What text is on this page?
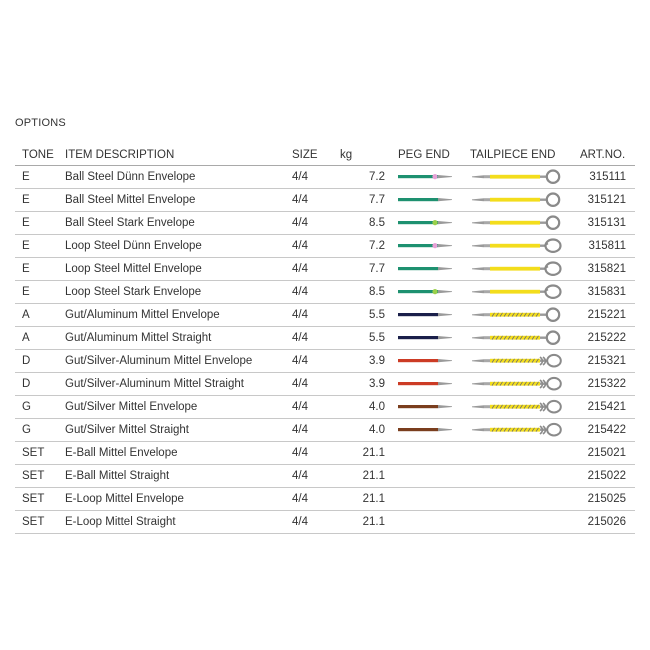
OPTIONS
TONE	ITEM DESCRIPTION	SIZE	kg	PEG END	TAILPIECE END	ART.NO.
E	Ball Steel Dünn Envelope	4/4	7.2			315111
E	Ball Steel Mittel Envelope	4/4	7.7			315121
E	Ball Steel Stark Envelope	4/4	8.5			315131
E	Loop Steel Dünn Envelope	4/4	7.2			315811
E	Loop Steel Mittel Envelope	4/4	7.7			315821
E	Loop Steel Stark Envelope	4/4	8.5			315831
A	Gut/Aluminum Mittel Envelope	4/4	5.5			215221
A	Gut/Aluminum Mittel Straight	4/4	5.5			215222
D	Gut/Silver-Aluminum Mittel Envelope	4/4	3.9			215321
D	Gut/Silver-Aluminum Mittel Straight	4/4	3.9			215322
G	Gut/Silver Mittel Envelope	4/4	4.0			215421
G	Gut/Silver Mittel Straight	4/4	4.0			215422
SET	E-Ball Mittel Envelope	4/4	21.1			215021
SET	E-Ball Mittel Straight	4/4	21.1			215022
SET	E-Loop Mittel Envelope	4/4	21.1			215025
SET	E-Loop Mittel Straight	4/4	21.1			215026
